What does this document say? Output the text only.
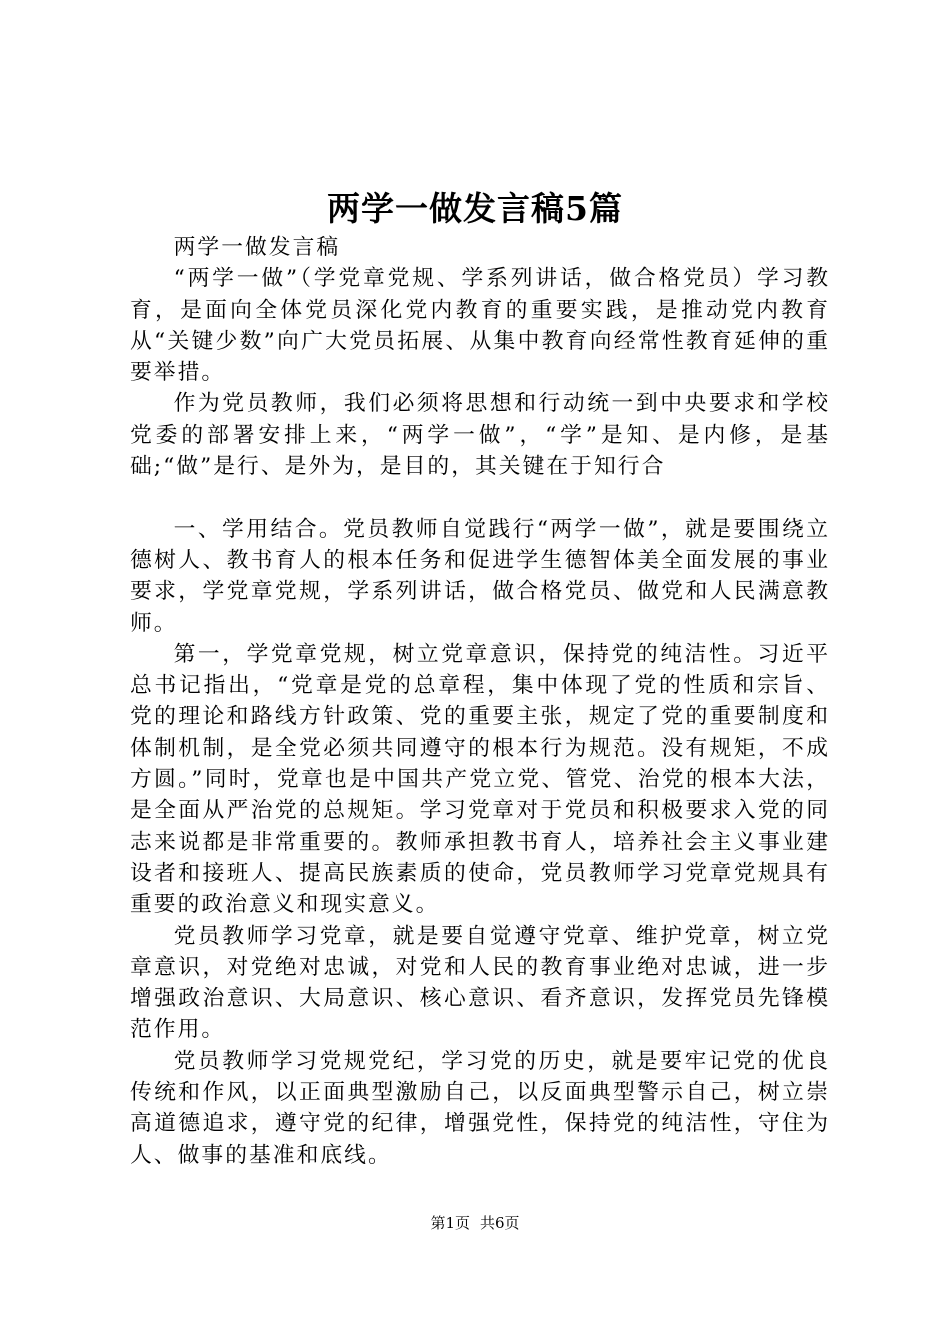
两学一做发言稿5篇

两学一做发言稿

“两学一做”（学党章党规、学系列讲话，做合格党员）学习教育，是面向全体党员深化党内教育的重要实践，是推动党内教育从“关键少数”向广大党员拓展、从集中教育向经常性教育延伸的重要举措。

作为党员教师，我们必须将思想和行动统一到中央要求和学校党委的部署安排上来，“两学一做”，“学”是知、是内修，是基础;“做”是行、是外为，是目的，其关键在于知行合

一、学用结合。党员教师自觉践行“两学一做”，就是要围绕立德树人、教书育人的根本任务和促进学生德智体美全面发展的事业要求，学党章党规，学系列讲话，做合格党员、做党和人民满意教师。

第一，学党章党规，树立党章意识，保持党的纯洁性。习近平总书记指出，“党章是党的总章程，集中体现了党的性质和宗旨、党的理论和路线方针政策、党的重要主张，规定了党的重要制度和体制机制，是全党必须共同遵守的根本行为规范。没有规矩，不成方圆。”同时，党章也是中国共产党立党、管党、治党的根本大法，是全面从严治党的总规矩。学习党章对于党员和积极要求入党的同志来说都是非常重要的。教师承担教书育人，培养社会主义事业建设者和接班人、提高民族素质的使命，党员教师学习党章党规具有重要的政治意义和现实意义。

党员教师学习党章，就是要自觉遵守党章、维护党章，树立党章意识，对党绝对忠诚，对党和人民的教育事业绝对忠诚，进一步增强政治意识、大局意识、核心意识、看齐意识，发挥党员先锋模范作用。

党员教师学习党规党纪，学习党的历史，就是要牢记党的优良传统和作风，以正面典型激励自己，以反面典型警示自己，树立崇高道德追求，遵守党的纪律，增强党性，保持党的纯洁性，守住为人、做事的基准和底线。

第1页 共6页
